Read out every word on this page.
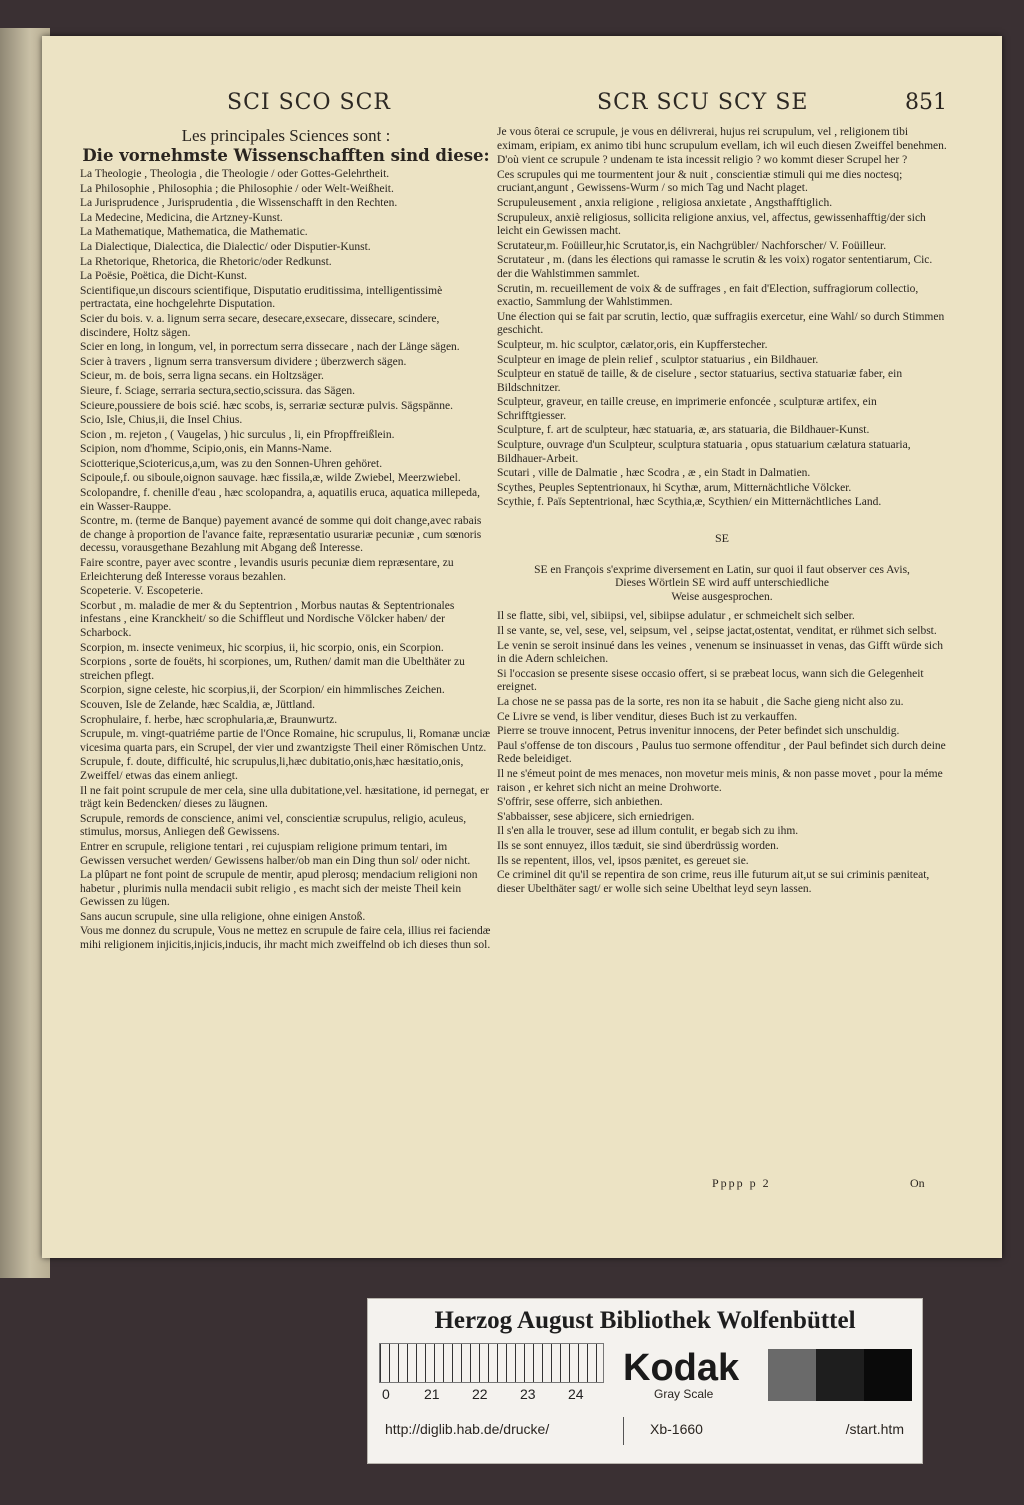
SCI SCO SCR	SCR SCU SCY SE	851
Les principales Sciences sont :
Die vornehmste Wissenschafften sind diese:
La Theologie , Theologia , die Theologie / oder Gottes-Gelehrtheit.
La Philosophie , Philosophia ; die Philosophie / oder Welt-Weißheit.
La Jurisprudence , Jurisprudentia , die Wissenschafft in den Rechten.
La Medecine, Medicina, die Artzney-Kunst.
La Mathematique, Mathematica, die Mathematic.
La Dialectique, Dialectica, die Dialectic/ oder Disputier-Kunst.
La Rhetorique, Rhetorica, die Rhetoric/oder Redkunst.
La Poësie, Poëtica, die Dicht-Kunst.
Scientifique,un discours scientifique, Disputatio eruditissima, intelligentissimè pertractata, eine hochgelehrte Disputation.
Scier du bois. v. a. lignum serra secare, desecare,exsecare, dissecare, scindere, discindere, Holtz sägen.
Scier en long, in longum, vel, in porrectum serra dissecare , nach der Länge sägen.
Scier à travers , lignum serra transversum dividere ; überzwerch sägen.
Scieur, m. de bois, serra ligna secans. ein Holtzsäger.
Sieure, f. Sciage, serraria sectura,sectio,scissura. das Sägen.
Scieure,poussiere de bois scié. hæc scobs, is, serrariæ secturæ pulvis. Sägspänne.
Scio, Isle, Chius,ii, die Insel Chius.
Scion , m. rejeton , ( Vaugelas, ) hic surculus , li, ein Pfropffreißlein.
Scipion, nom d'homme, Scipio,onis, ein Manns-Name.
Sciotterique,Sciotericus,a,um, was zu den Sonnen-Uhren gehöret.
Scipoule,f. ou siboule,oignon sauvage. hæc fissila,æ, wilde Zwiebel, Meerzwiebel.
Scolopandre, f. chenille d'eau , hæc scolopandra, a, aquatilis eruca, aquatica millepeda, ein Wasser-Rauppe.
Scontre, m. (terme de Banque) payement avancé de somme qui doit change,avec rabais de change à proportion de l'avance faite, repræsentatio usurariæ pecuniæ , cum sœnoris decessu, vorausgethane Bezahlung mit Abgang deß Interesse.
Faire scontre, payer avec scontre , levandis usuris pecuniæ diem repræsentare, zu Erleichterung deß Interesse voraus bezahlen.
Scopeterie. V. Escopeterie.
Scorbut , m. maladie de mer & du Septentrion , Morbus nautas & Septentrionales infestans , eine Kranckheit/ so die Schiffleut und Nordische Völcker haben/ der Scharbock.
Scorpion, m. insecte venimeux, hic scorpius, ii, hic scorpio, onis, ein Scorpion.
Scorpions , sorte de fouëts, hi scorpiones, um, Ruthen/ damit man die Ubelthäter zu streichen pflegt.
Scorpion, signe celeste, hic scorpius,ii, der Scorpion/ ein himmlisches Zeichen.
Scouven, Isle de Zelande, hæc Scaldia, æ, Jüttland.
Scrophulaire, f. herbe, hæc scrophularia,æ, Braunwurtz.
Scrupule, m. vingt-quatriéme partie de l'Once Romaine, hic scrupulus, li, Romanæ unciæ vicesima quarta pars, ein Scrupel, der vier und zwantzigste Theil einer Römischen Untz.
Scrupule, f. doute, difficulté, hic scrupulus,li,hæc dubitatio,onis,hæc hæsitatio,onis, Zweiffel/ etwas das einem anliegt.
Il ne fait point scrupule de mer cela, sine ulla dubitatione,vel. hæsitatione, id pernegat, er trägt kein Bedencken/ dieses zu läugnen.
Scrupule, remords de conscience, animi vel, conscientiæ scrupulus, religio, aculeus, stimulus, morsus, Anliegen deß Gewissens.
Entrer en scrupule, religione tentari , rei cujuspiam religione primum tentari, im Gewissen versuchet werden/ Gewissens halber/ob man ein Ding thun sol/ oder nicht.
La plûpart ne font point de scrupule de mentir, apud plerosq; mendacium religioni non habetur , plurimis nulla mendacii subit religio , es macht sich der meiste Theil kein Gewissen zu lügen.
Sans aucun scrupule, sine ulla religione, ohne einigen Anstoß.
Vous me donnez du scrupule, Vous ne mettez en scrupule de faire cela, illius rei faciendæ mihi religionem injicitis,injicis,inducis, ihr macht mich zweiffelnd ob ich dieses thun sol.
Je vous ôterai ce scrupule, je vous en délivrerai, hujus rei scrupulum, vel , religionem tibi eximam, eripiam, ex animo tibi hunc scrupulum evellam, ich wil euch diesen Zweiffel benehmen.
D'où vient ce scrupule ? undenam te ista incessit religio ? wo kommt dieser Scrupel her ?
Ces scrupules qui me tourmentent jour & nuit , conscientiæ stimuli qui me dies noctesq; cruciant,angunt , Gewissens-Wurm / so mich Tag und Nacht plaget.
Scrupuleusement , anxia religione , religiosa anxietate , Angsthafftiglich.
Scrupuleux, anxiè religiosus, sollicita religione anxius, vel, affectus, gewissenhafftig/der sich leicht ein Gewissen macht.
Scrutateur,m. Foüilleur,hic Scrutator,is, ein Nachgrübler/ Nachforscher/ V. Foüilleur.
Scrutateur , m. (dans les élections qui ramasse le scrutin & les voix) rogator sententiarum, Cic. der die Wahlstimmen sammlet.
Scrutin, m. recueillement de voix & de suffrages , en fait d'Election, suffragiorum collectio, exactio, Sammlung der Wahlstimmen.
Une élection qui se fait par scrutin, lectio, quæ suffragiis exercetur, eine Wahl/ so durch Stimmen geschicht.
Sculpteur, m. hic sculptor, cælator,oris, ein Kupfferstecher.
Sculpteur en image de plein relief , sculptor statuarius , ein Bildhauer.
Sculpteur en statuë de taille, & de ciselure , sector statuarius, sectiva statuariæ faber, ein Bildschnitzer.
Sculpteur, graveur, en taille creuse, en imprimerie enfoncée , sculpturæ artifex, ein Schrifftgiesser.
Sculpture, f. art de sculpteur, hæc statuaria, æ, ars statuaria, die Bildhauer-Kunst.
Sculpture, ouvrage d'un Sculpteur, sculptura statuaria , opus statuarium cælatura statuaria, Bildhauer-Arbeit.
Scutari , ville de Dalmatie , hæc Scodra , æ , ein Stadt in Dalmatien.
Scythes, Peuples Septentrionaux, hi Scythæ, arum, Mitternächtliche Völcker.
Scythie, f. Païs Septentrional, hæc Scythia,æ, Scythien/ ein Mitternächtliches Land.
SE
SE en François s'exprime diversement en Latin, sur quoi il faut observer ces Avis,
Dieses Wörtlein SE wird auff unterschiedliche
Weise ausgesprochen.
Il se flatte, sibi, vel, sibiipsi, vel, sibiipse adulatur , er schmeichelt sich selber.
Il se vante, se, vel, sese, vel, seipsum, vel , seipse jactat,ostentat, venditat, er rühmet sich selbst.
Le venin se seroit insinué dans les veines , venenum se insinuasset in venas, das Gifft würde sich in die Adern schleichen.
Si l'occasion se presente sisese occasio offert, si se præbeat locus, wann sich die Gelegenheit ereignet.
La chose ne se passa pas de la sorte, res non ita se habuit , die Sache gieng nicht also zu.
Ce Livre se vend, is liber venditur, dieses Buch ist zu verkauffen.
Pierre se trouve innocent, Petrus invenitur innocens, der Peter befindet sich unschuldig.
Paul s'offense de ton discours , Paulus tuo sermone offenditur , der Paul befindet sich durch deine Rede beleidiget.
Il ne s'émeut point de mes menaces, non movetur meis minis, & non passe movet , pour la méme raison , er kehret sich nicht an meine Drohworte.
S'offrir, sese offerre, sich anbiethen.
S'abbaisser, sese abjicere, sich erniedrigen.
Il s'en alla le trouver, sese ad illum contulit, er begab sich zu ihm.
Ils se sont ennuyez, illos tæduit, sie sind überdrüssig worden.
Ils se repentent, illos, vel, ipsos pænitet, es gereuet sie.
Ce criminel dit qu'il se repentira de son crime, reus ille futurum ait,ut se sui criminis pæniteat, dieser Ubelthäter sagt/ er wolle sich seine Ubelthat leyd seyn lassen.
Pppp p 2	On
Herzog August Bibliothek Wolfenbüttel
0 21 22 23 24
Kodak
Gray Scale
http://diglib.hab.de/drucke/	Xb-1660	/start.htm
